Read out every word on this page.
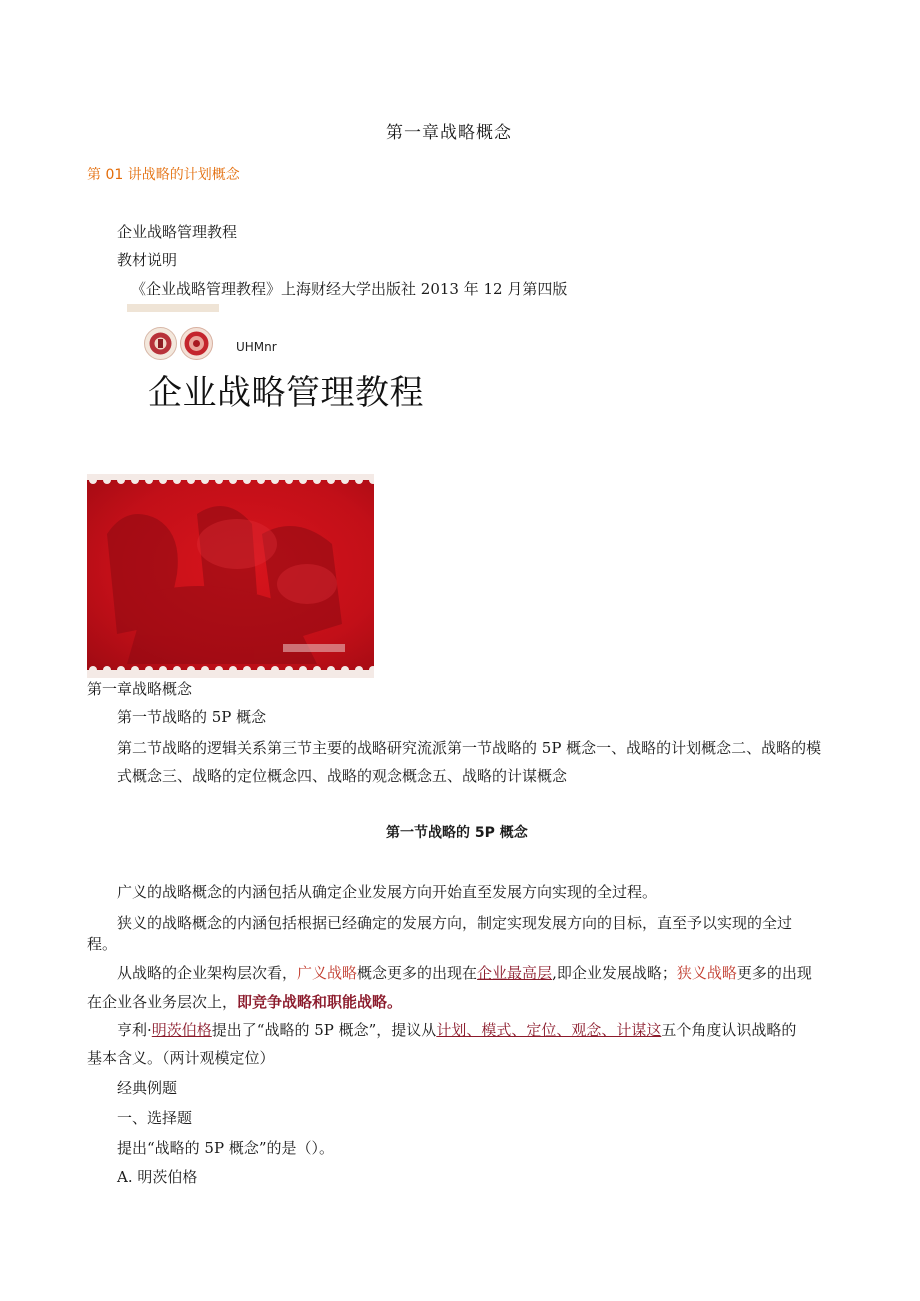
第一章战略概念
第 01 讲战略的计划概念
企业战略管理教程
教材说明
《企业战略管理教程》上海财经大学出版社 2013 年 12 月第四版
UHMnr
企业战略管理教程
第一章战略概念
第一节战略的 5P 概念
第二节战略的逻辑关系第三节主要的战略研究流派第一节战略的 5P 概念一、战略的计划概念二、战略的模
式概念三、战略的定位概念四、战略的观念概念五、战略的计谋概念
第一节战略的 5P 概念
广义的战略概念的内涵包括从确定企业发展方向开始直至发展方向实现的全过程。
狭义的战略概念的内涵包括根据已经确定的发展方向，制定实现发展方向的目标，直至予以实现的全过
程。
从战略的企业架构层次看，广义战略概念更多的出现在企业最高层,即企业发展战略；狭义战略更多的出现
在企业各业务层次上，即竞争战略和职能战略。
亨利·明茨伯格提出了“战略的 5P 概念”，提议从计划、模式、定位、观念、计谋这五个角度认识战略的
基本含义。（两计观模定位）
经典例题
一、选择题
提出“战略的 5P 概念”的是（）。
A. 明茨伯格
